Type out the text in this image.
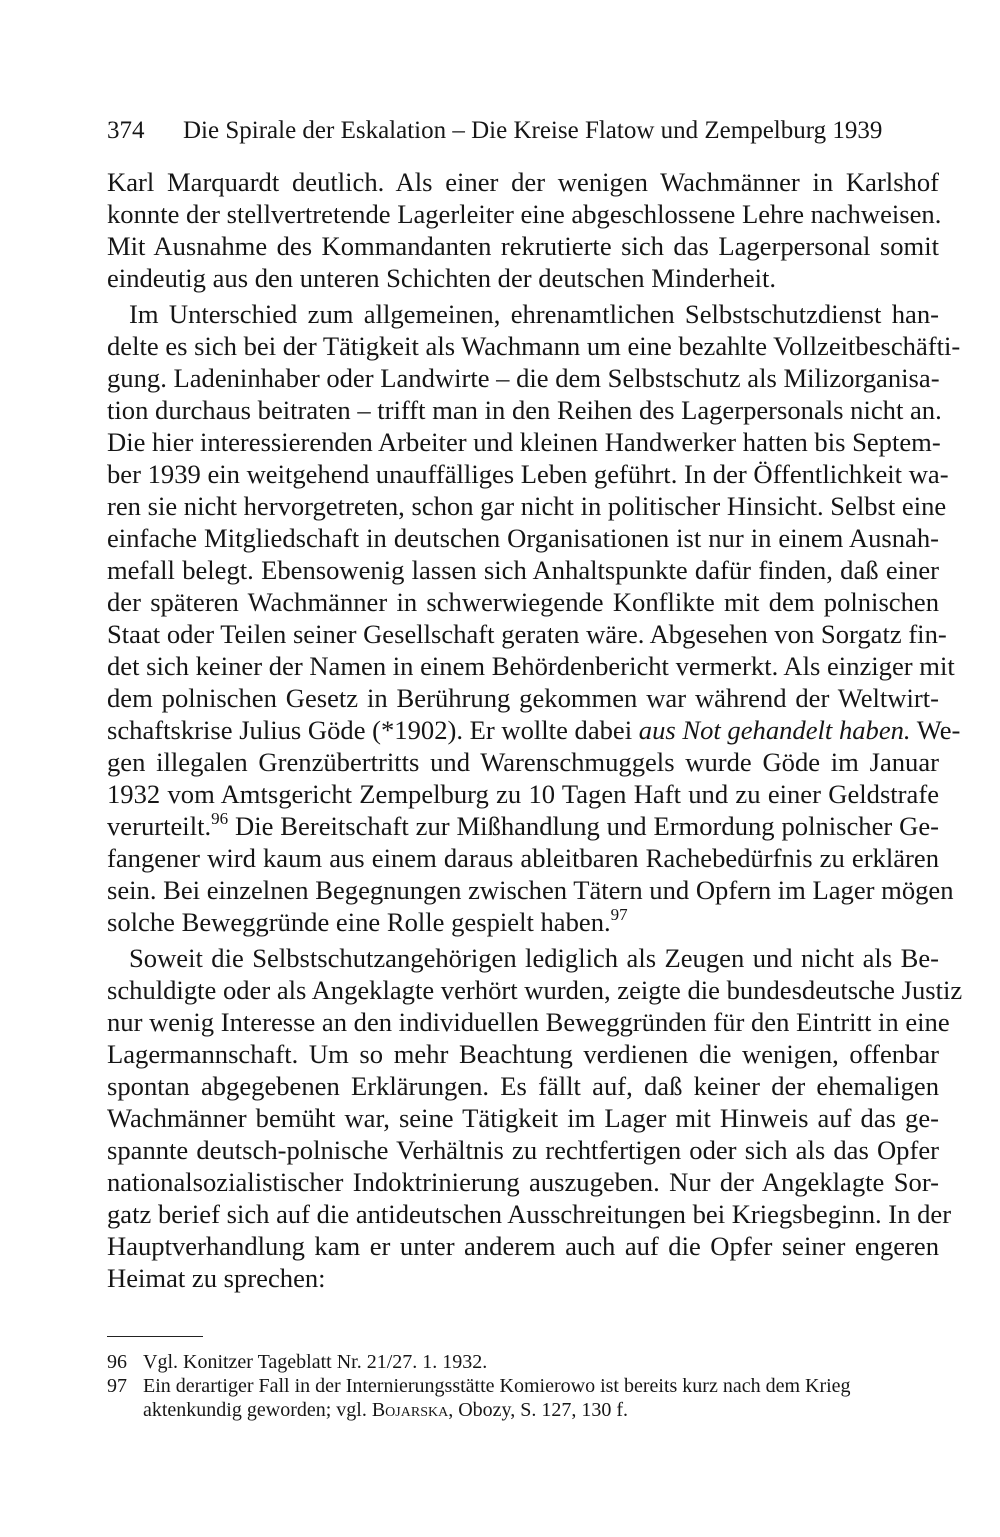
374 Die Spirale der Eskalation – Die Kreise Flatow und Zempelburg 1939
Karl Marquardt deutlich. Als einer der wenigen Wachmänner in Karlshof
konnte der stellvertretende Lagerleiter eine abgeschlossene Lehre nachweisen.
Mit Ausnahme des Kommandanten rekrutierte sich das Lagerpersonal somit
eindeutig aus den unteren Schichten der deutschen Minderheit.
Im Unterschied zum allgemeinen, ehrenamtlichen Selbstschutzdienst han-
delte es sich bei der Tätigkeit als Wachmann um eine bezahlte Vollzeitbeschäfti-
gung. Ladeninhaber oder Landwirte – die dem Selbstschutz als Milizorganisa-
tion durchaus beitraten – trifft man in den Reihen des Lagerpersonals nicht an.
Die hier interessierenden Arbeiter und kleinen Handwerker hatten bis Septem-
ber 1939 ein weitgehend unauffälliges Leben geführt. In der Öffentlichkeit wa-
ren sie nicht hervorgetreten, schon gar nicht in politischer Hinsicht. Selbst eine
einfache Mitgliedschaft in deutschen Organisationen ist nur in einem Ausnah-
mefall belegt. Ebensowenig lassen sich Anhaltspunkte dafür finden, daß einer
der späteren Wachmänner in schwerwiegende Konflikte mit dem polnischen
Staat oder Teilen seiner Gesellschaft geraten wäre. Abgesehen von Sorgatz fin-
det sich keiner der Namen in einem Behördenbericht vermerkt. Als einziger mit
dem polnischen Gesetz in Berührung gekommen war während der Weltwirt-
schaftskrise Julius Göde (*1902). Er wollte dabei aus Not gehandelt haben. We-
gen illegalen Grenzübertritts und Warenschmuggels wurde Göde im Januar
1932 vom Amtsgericht Zempelburg zu 10 Tagen Haft und zu einer Geldstrafe
verurteilt.$^{96}$ Die Bereitschaft zur Mißhandlung und Ermordung polnischer Ge-
fangener wird kaum aus einem daraus ableitbaren Rachebedürfnis zu erklären
sein. Bei einzelnen Begegnungen zwischen Tätern und Opfern im Lager mögen
solche Beweggründe eine Rolle gespielt haben.$^{97}$
Soweit die Selbstschutzangehörigen lediglich als Zeugen und nicht als Be-
schuldigte oder als Angeklagte verhört wurden, zeigte die bundesdeutsche Justiz
nur wenig Interesse an den individuellen Beweggründen für den Eintritt in eine
Lagermannschaft. Um so mehr Beachtung verdienen die wenigen, offenbar
spontan abgegebenen Erklärungen. Es fällt auf, daß keiner der ehemaligen
Wachmänner bemüht war, seine Tätigkeit im Lager mit Hinweis auf das ge-
spannte deutsch-polnische Verhältnis zu rechtfertigen oder sich als das Opfer
nationalsozialistischer Indoktrinierung auszugeben. Nur der Angeklagte Sor-
gatz berief sich auf die antideutschen Ausschreitungen bei Kriegsbeginn. In der
Hauptverhandlung kam er unter anderem auch auf die Opfer seiner engeren
Heimat zu sprechen:
96 Vgl. Konitzer Tageblatt Nr. 21/27. 1. 1932.
97 Ein derartiger Fall in der Internierungsstätte Komierowo ist bereits kurz nach dem Krieg
aktenkundig geworden; vgl. Bojarska, Obozy, S. 127, 130 f.
